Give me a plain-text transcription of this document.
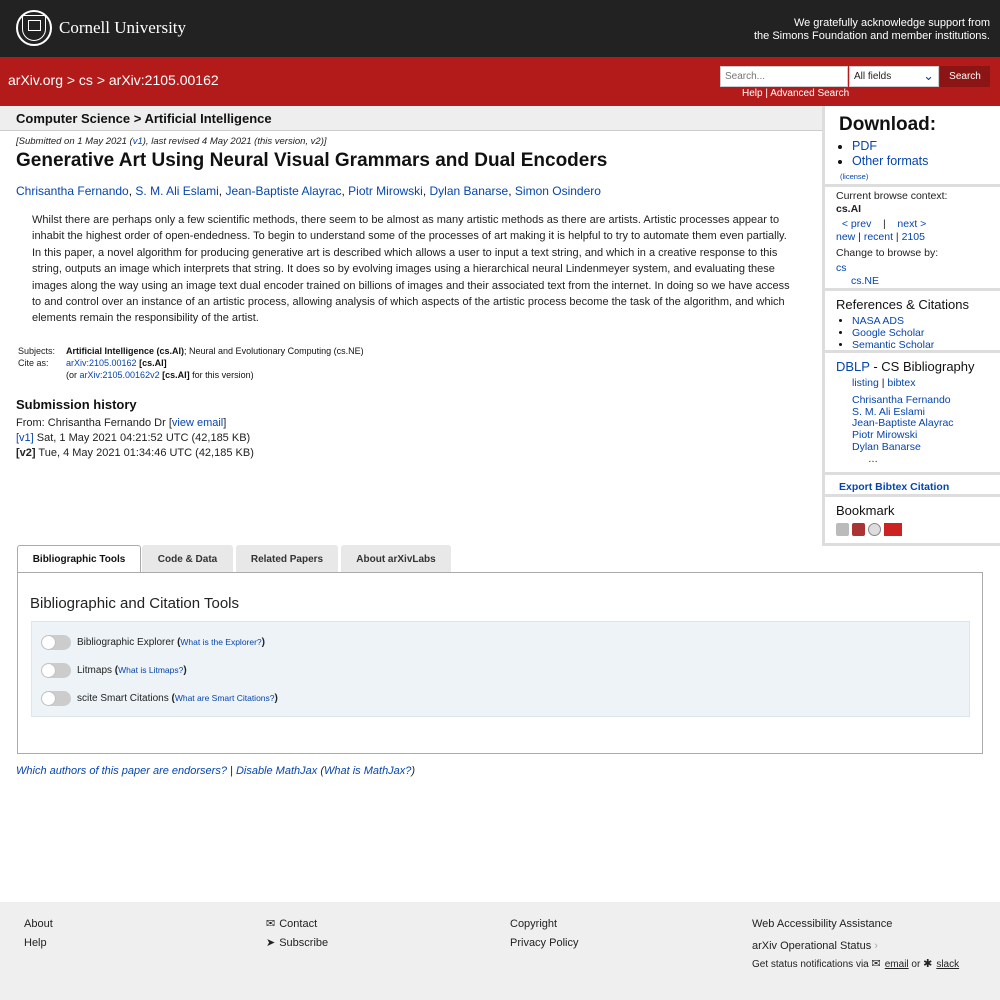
Cornell University	We gratefully acknowledge support from
the Simons Foundation and member institutions.
arXiv.org > cs > arXiv:2105.00162
Search...	All fields ⌄	Search
Help | Advanced Search
Computer Science > Artificial Intelligence
[Submitted on 1 May 2021 (v1), last revised 4 May 2021 (this version, v2)]
Generative Art Using Neural Visual Grammars and Dual Encoders
Chrisantha Fernando, S. M. Ali Eslami, Jean-Baptiste Alayrac, Piotr Mirowski, Dylan Banarse, Simon Osindero

Whilst there are perhaps only a few scientific methods, there seem to be almost as many artistic methods as there are artists. Artistic processes appear to inhabit the highest order of open-endedness. To begin to understand some of the processes of art making it is helpful to try to automate them even partially. In this paper, a novel algorithm for producing generative art is described which allows a user to input a text string, and which in a creative response to this string, outputs an image which interprets that string. It does so by evolving images using a hierarchical neural Lindenmeyer system, and evaluating these images along the way using an image text dual encoder trained on billions of images and their associated text from the internet. In doing so we have access to and control over an instance of an artistic process, allowing analysis of which aspects of the artistic process become the task of the algorithm, and which elements remain the responsibility of the artist.

Subjects:	Artificial Intelligence (cs.AI); Neural and Evolutionary Computing (cs.NE)
Cite as:	arXiv:2105.00162 [cs.AI]
	(or arXiv:2105.00162v2 [cs.AI] for this version)
Submission history
From: Chrisantha Fernando Dr [view email]
[v1] Sat, 1 May 2021 04:21:52 UTC (42,185 KB)
[v2] Tue, 4 May 2021 01:34:46 UTC (42,185 KB)
Download:
• PDF
• Other formats
(license)
Current browse context:
cs.AI
< prev | next >
new | recent | 2105
Change to browse by:
cs
cs.NE
References & Citations
• NASA ADS
• Google Scholar
• Semantic Scholar
DBLP - CS Bibliography
listing | bibtex
Chrisantha Fernando
S. M. Ali Eslami
Jean-Baptiste Alayrac
Piotr Mirowski
Dylan Banarse
…
Export Bibtex Citation
Bookmark
Bibliographic Tools	Code & Data	Related Papers	About arXivLabs
Bibliographic and Citation Tools
Bibliographic Explorer
( What is the Explorer? )
Litmaps
( What is Litmaps? )
scite Smart Citations
( What are Smart Citations? )
Which authors of this paper are endorsers? | Disable MathJax (What is MathJax?)
About
Help
✉ Contact
➤ Subscribe
Copyright
Privacy Policy
Web Accessibility Assistance
arXiv Operational Status ›
Get status notifications via ✉ email or ✱ slack
